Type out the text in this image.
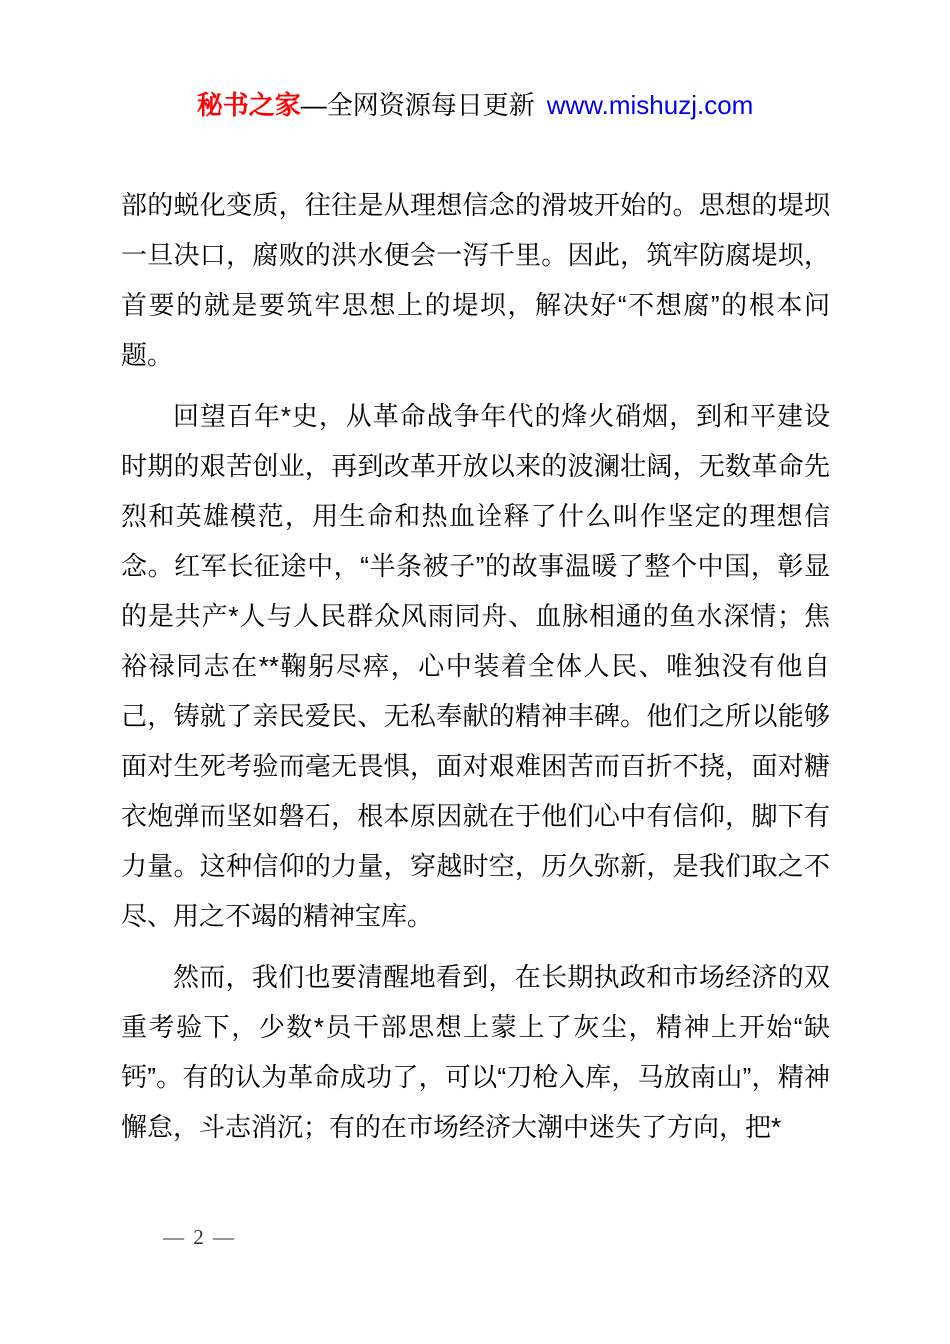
秘书之家—全网资源每日更新 www.mishuzj.com

部的蜕化变质，往往是从理想信念的滑坡开始的。思想的堤坝一旦决口，腐败的洪水便会一泻千里。因此，筑牢防腐堤坝，首要的就是要筑牢思想上的堤坝，解决好“不想腐”的根本问题。

回望百年*史，从革命战争年代的烽火硝烟，到和平建设时期的艰苦创业，再到改革开放以来的波澜壮阔，无数革命先烈和英雄模范，用生命和热血诠释了什么叫作坚定的理想信念。红军长征途中，“半条被子”的故事温暖了整个中国，彰显的是共产*人与人民群众风雨同舟、血脉相通的鱼水深情；焦裕禄同志在**鞠躬尽瘁，心中装着全体人民、唯独没有他自己，铸就了亲民爱民、无私奉献的精神丰碑。他们之所以能够面对生死考验而毫无畏惧，面对艰难困苦而百折不挠，面对糖衣炮弹而坚如磐石，根本原因就在于他们心中有信仰，脚下有力量。这种信仰的力量，穿越时空，历久弥新，是我们取之不尽、用之不竭的精神宝库。

然而，我们也要清醒地看到，在长期执政和市场经济的双重考验下，少数*员干部思想上蒙上了灰尘，精神上开始“缺钙”。有的认为革命成功了，可以“刀枪入库，马放南山”，精神懈怠，斗志消沉；有的在市场经济大潮中迷失了方向，把*

— 2 —
